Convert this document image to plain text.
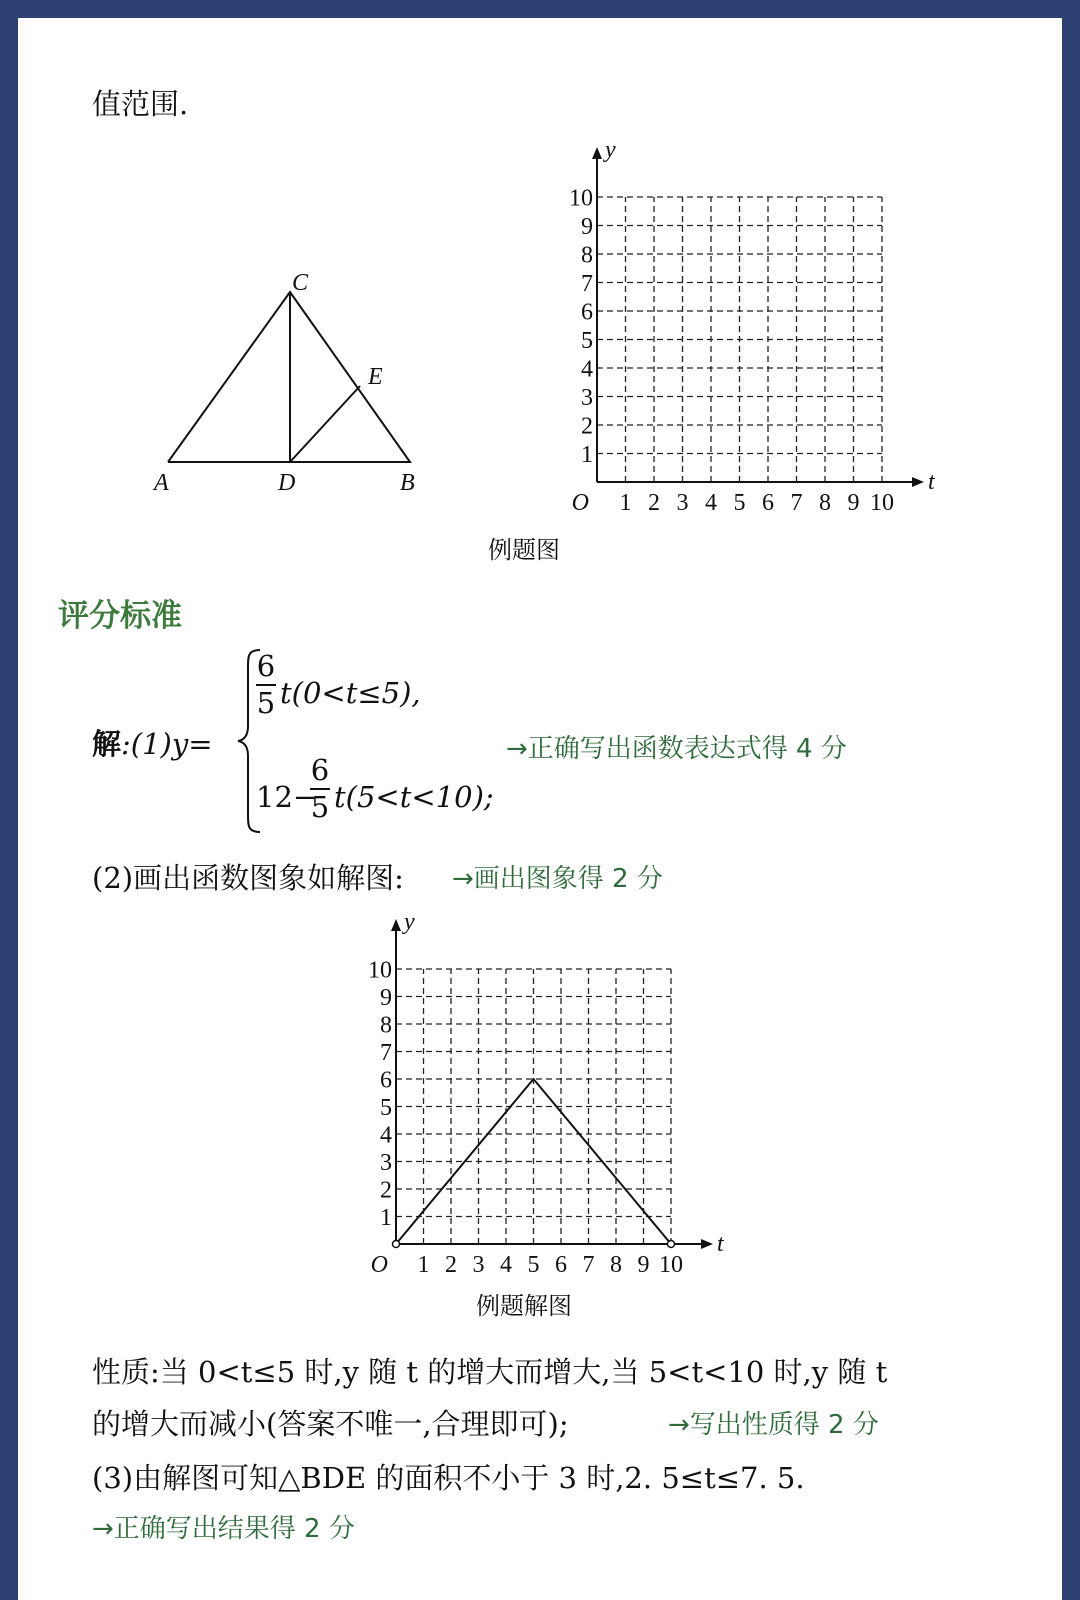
值范围.
A	D	B
C
E
1 2 3 4 5 6 7 8 9 10
1
2
3
4
5
6
7
8
9
10
O
t
y
例题图
评分标准
解:(1)y=
6
5 t(0<t≤5),
12−
6
5 t(5<t<10);
→正确写出函数表达式得 4 分
(2)画出函数图象如解图: →画出图象得 2 分
1 2 3 4 5 6 7 8 9 10
1
2
3
4
5
6
7
8
9
10
O
t
y
例题解图
性质:当 0<t≤5 时,y 随 t 的增大而增大,当 5<t<10 时,y 随 t
的增大而减小(答案不唯一,合理即可);	→写出性质得 2 分
(3)由解图可知△BDE 的面积不小于 3 时,2. 5≤t≤7. 5.
→正确写出结果得 2 分
